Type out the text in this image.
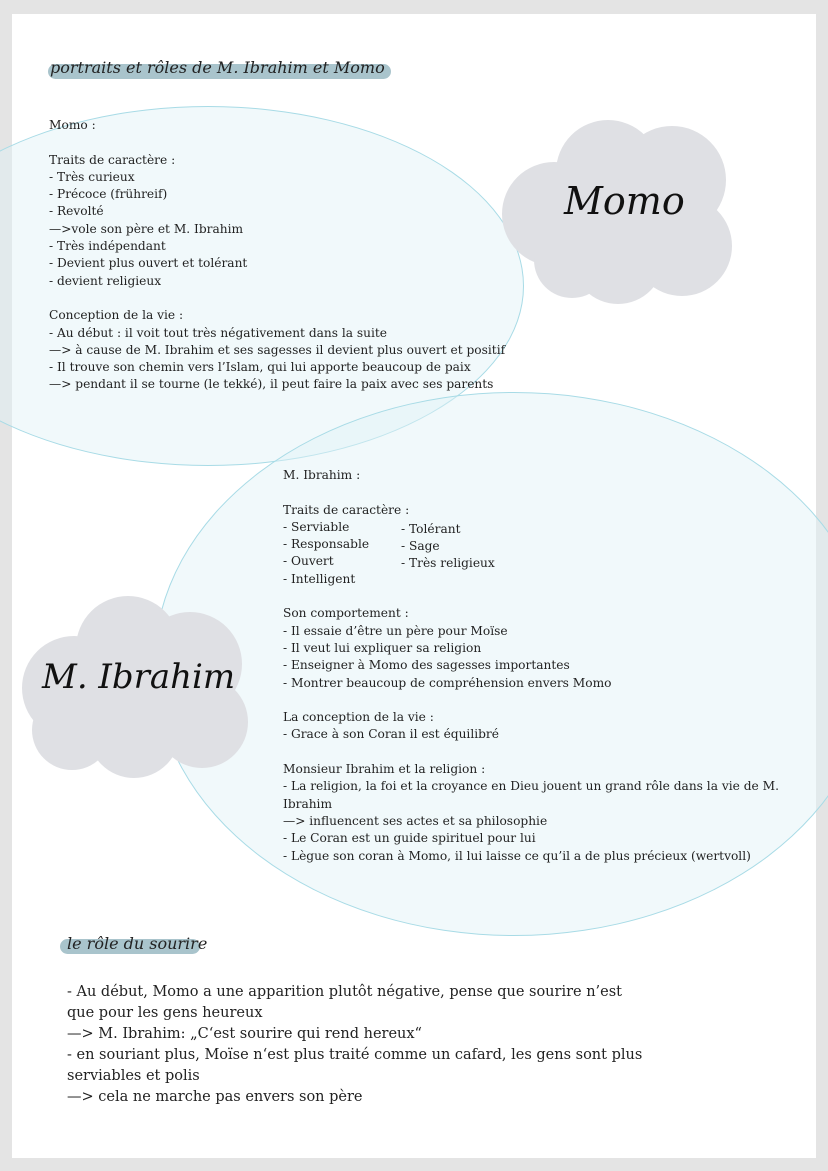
portraits et rôles de M. Ibrahim et Momo
Momo
M. Ibrahim
Momo :
Traits de caractère :
- Très curieux
- Précoce (frühreif)
- Revolté
—>vole son père et M. Ibrahim
- Très indépendant
- Devient plus ouvert et tolérant
- devient religieux
Conception de la vie :
- Au début : il voit tout très négativement dans la suite
—> à cause de M. Ibrahim et ses sagesses il devient plus ouvert et positif
- Il trouve son chemin vers l’Islam, qui lui apporte beaucoup de paix
—> pendant il se tourne (le tekké), il peut faire la paix avec ses parents
M. Ibrahim :
Traits de caractère :
- Serviable
- Responsable
- Ouvert
- Intelligent
- Tolérant
- Sage
- Très religieux
Son comportement :
- Il essaie d’être un père pour Moïse
- Il veut lui expliquer sa religion
- Enseigner à Momo des sagesses importantes
- Montrer beaucoup de compréhension envers Momo
La conception de la vie :
- Grace à son Coran il est équilibré
Monsieur Ibrahim et la religion :
- La religion, la foi et la croyance en Dieu jouent un grand rôle dans la vie de M.
Ibrahim
—> influencent ses actes et sa philosophie
- Le Coran est un guide spirituel pour lui
- Lègue son coran à Momo, il lui laisse ce qu’il a de plus précieux (wertvoll)
le rôle du sourire
- Au début, Momo a une apparition plutôt négative, pense que sourire n’est
que pour les gens heureux
—> M. Ibrahim: „C‘est sourire qui rend hereux“
- en souriant plus, Moïse n‘est plus traité comme un cafard, les gens sont plus
serviables et polis
—> cela ne marche pas envers son père
